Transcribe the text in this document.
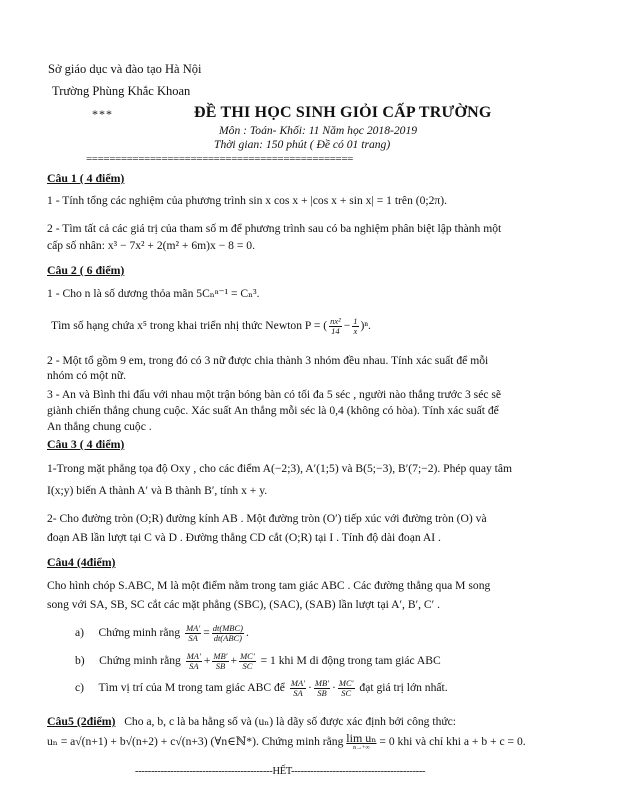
Sở giáo dục và đào tạo Hà Nội
Trường Phùng Khắc Khoan
***	ĐỀ THI HỌC SINH GIỎI CẤP TRƯỜNG
Môn : Toán- Khối: 11 Năm học 2018-2019
Thời gian: 150 phút ( Đề có 01 trang)
==============================================
Câu 1 ( 4 điểm)
1 - Tính tổng các nghiệm của phương trình sin x cos x + |cos x + sin x| = 1 trên (0;2π).
2 - Tìm tất cả các giá trị của tham số m để phương trình sau có ba nghiệm phân biệt lập thành một
cấp số nhân: x³ − 7x² + 2(m² + 6m)x − 8 = 0.
Câu 2 ( 6 điểm)
1 - Cho n là số dương thỏa mãn 5Cₙⁿ⁻¹ = Cₙ³.
Tìm số hạng chứa x⁵ trong khai triển nhị thức Newton P = ( $\frac{\text{nx²}}{14} - \frac{1}{x} )^n$.
2 - Một tổ gồm 9 em, trong đó có 3 nữ được chia thành 3 nhóm đều nhau. Tính xác suất để mỗi
nhóm có một nữ.
3 - An và Bình thi đấu với nhau một trận bóng bàn có tối đa 5 séc , người nào thắng trước 3 séc sẽ
giành chiến thắng chung cuộc. Xác suất An thắng mỗi séc là 0,4 (không có hòa). Tính xác suất để
An thắng chung cuộc .
Câu 3 ( 4 điểm)
1-Trong mặt phẳng tọa độ Oxy , cho các điểm A(−2;3), A′(1;5) và B(5;−3), B′(7;−2). Phép quay tâm
I(x;y) biến A thành A′ và B thành B′, tính x + y.
2- Cho đường tròn (O;R) đường kính AB . Một đường tròn (O′) tiếp xúc với đường tròn (O) và
đoạn AB lần lượt tại C và D . Đường thẳng CD cắt (O;R) tại I . Tính độ dài đoạn AI .
Câu4 (4điểm)
Cho hình chóp S.ABC, M là một điểm nằm trong tam giác ABC . Các đường thẳng qua M song
song với SA, SB, SC cắt các mặt phẳng (SBC), (SAC), (SAB) lần lượt tại A′, B′, C′ .
a) Chứng minh rằng $\frac{MA'}{SA} = \frac{\text{dt(MBC)}}{\text{dt(ABC)}}$ .
b) Chứng minh rằng $\frac{MA'}{SA} + \frac{MB'}{SB} + \frac{MC'}{SC} = 1$ khi M di động trong tam giác ABC
c) Tìm vị trí của M trong tam giác ABC để $\frac{MA'}{SA} \cdot \frac{MB'}{SB} \cdot \frac{MC'}{SC}$ đạt giá trị lớn nhất.
Câu5 (2điểm) Cho a, b, c là ba hằng số và (uₙ) là dãy số được xác định bởi công thức:
uₙ = a√(n+1) + b√(n+2) + c√(n+3) (∀n∈ℕ*). Chứng minh rằng lim uₙ
n→+∞
= 0 khi và chỉ khi a + b + c = 0.
-------------------------------------------HẾT------------------------------------------
